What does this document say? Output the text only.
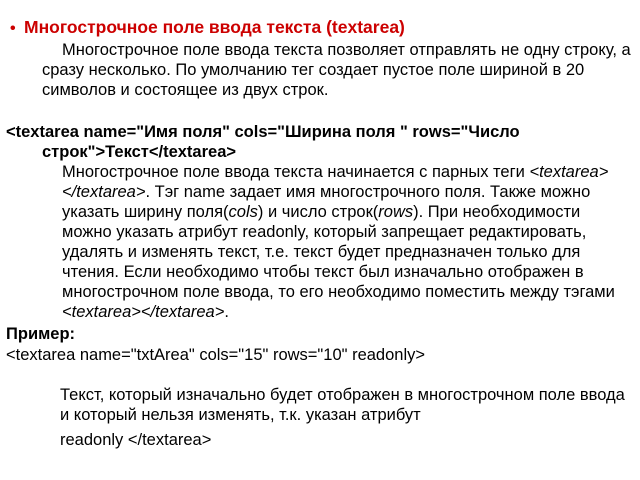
• Многострочное поле ввода текста (textarea)
Многострочное поле ввода текста позволяет отправлять не одну строку, а сразу несколько. По умолчанию тег создает пустое поле шириной в 20 символов и состоящее из двух строк.
<textarea name="Имя поля" cols="Ширина поля " rows="Число
строк">Текст</textarea>
Многострочное поле ввода текста начинается с парных теги <textarea></textarea>. Тэг name задает имя многострочного поля. Также можно указать ширину поля(cols) и число строк(rows). При необходимости можно указать атрибут readonly, который запрещает редактировать, удалять и изменять текст, т.е. текст будет предназначен только для чтения. Если необходимо чтобы текст был изначально отображен в многострочном поле ввода, то его необходимо поместить между тэгами <textarea></textarea>.
Пример:
<textarea name="txtArea" cols="15" rows="10" readonly>
Текст, который изначально будет отображен в многострочном поле ввода и который нельзя изменять, т.к. указан атрибут
readonly </textarea>
